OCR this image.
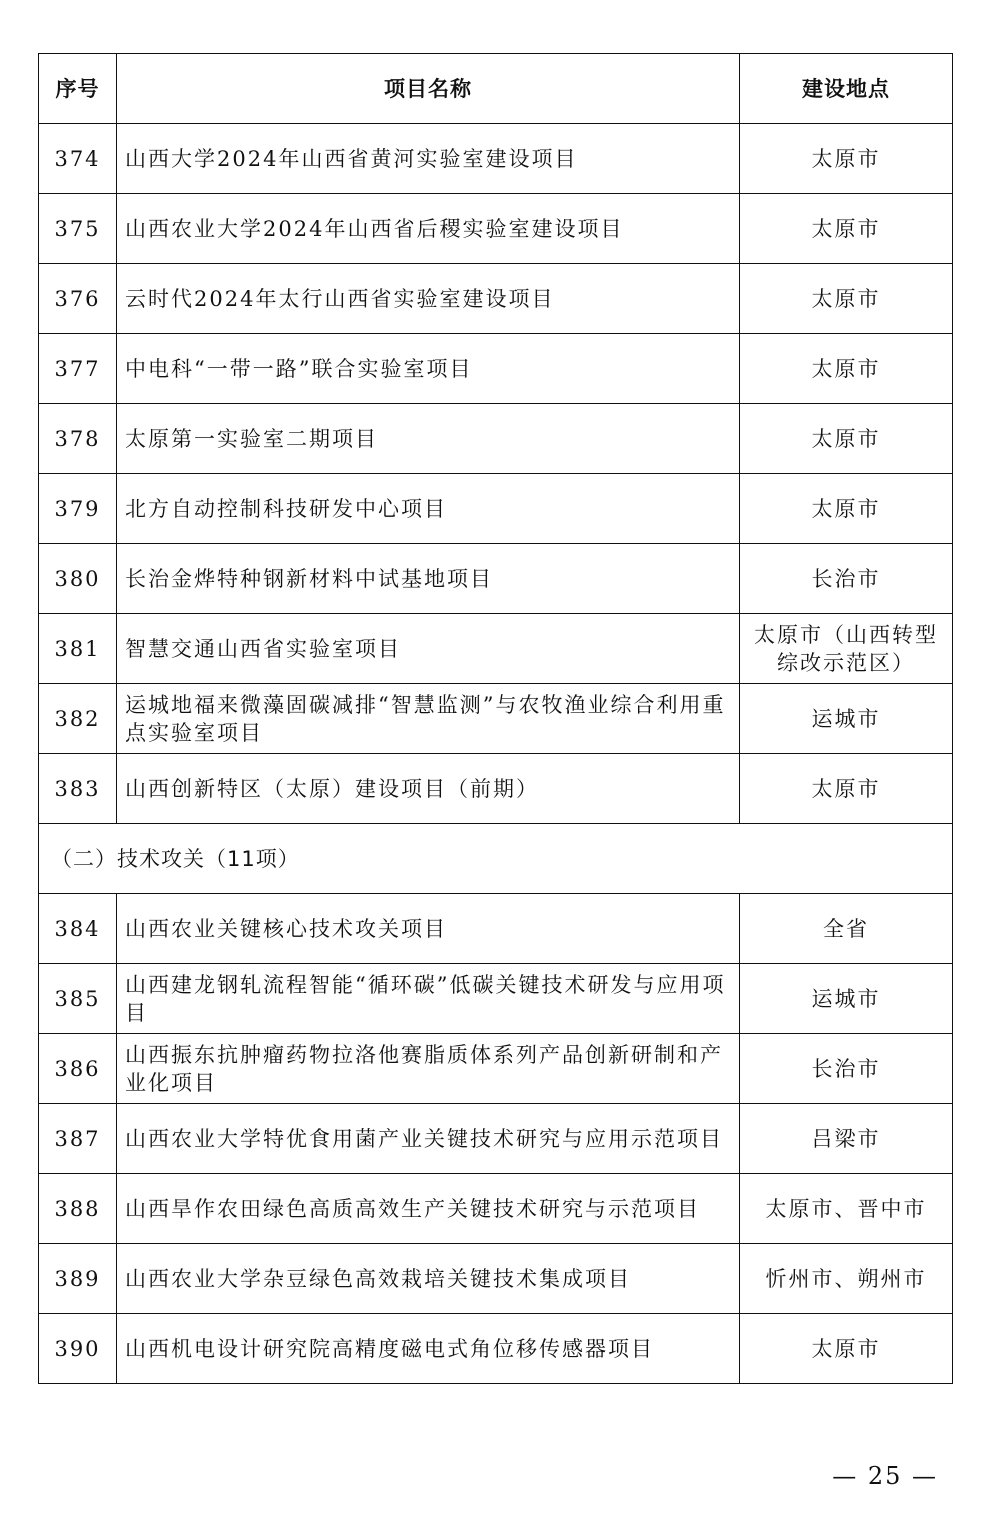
序号	项目名称	建设地点
374	山西大学2024年山西省黄河实验室建设项目	太原市
375	山西农业大学2024年山西省后稷实验室建设项目	太原市
376	云时代2024年太行山西省实验室建设项目	太原市
377	中电科“一带一路”联合实验室项目	太原市
378	太原第一实验室二期项目	太原市
379	北方自动控制科技研发中心项目	太原市
380	长治金烨特种钢新材料中试基地项目	长治市
381	智慧交通山西省实验室项目	太原市（山西转型综改示范区）
382	运城地福来微藻固碳减排“智慧监测”与农牧渔业综合利用重点实验室项目	运城市
383	山西创新特区（太原）建设项目（前期）	太原市
（二）技术攻关（11项）		
384	山西农业关键核心技术攻关项目	全省
385	山西建龙钢轧流程智能“循环碳”低碳关键技术研发与应用项目	运城市
386	山西振东抗肿瘤药物拉洛他赛脂质体系列产品创新研制和产业化项目	长治市
387	山西农业大学特优食用菌产业关键技术研究与应用示范项目	吕梁市
388	山西旱作农田绿色高质高效生产关键技术研究与示范项目	太原市、晋中市
389	山西农业大学杂豆绿色高效栽培关键技术集成项目	忻州市、朔州市
390	山西机电设计研究院高精度磁电式角位移传感器项目	太原市
— 25 —
